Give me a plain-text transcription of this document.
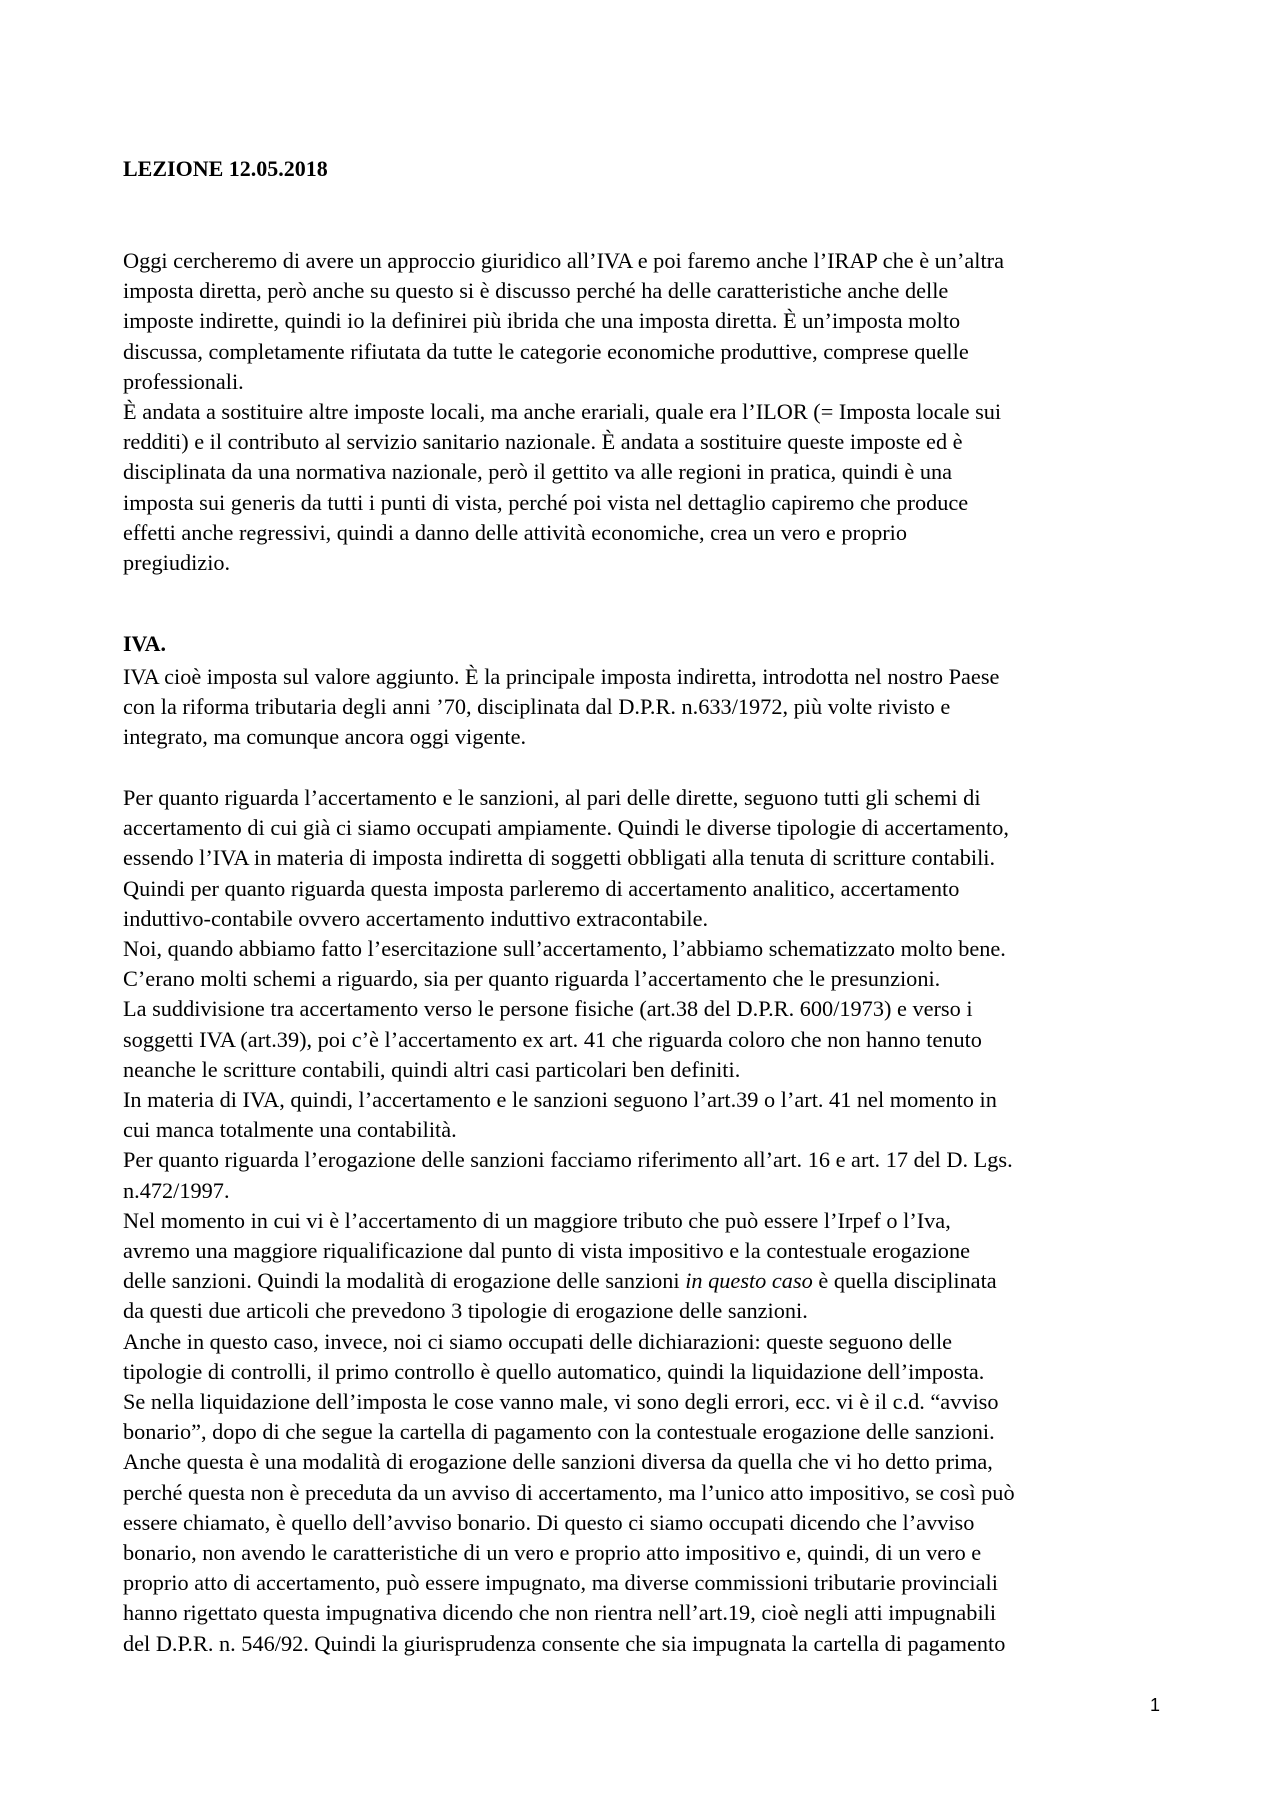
LEZIONE 12.05.2018
Oggi cercheremo di avere un approccio giuridico all’IVA e poi faremo anche l’IRAP che è un’altra
imposta diretta, però anche su questo si è discusso perché ha delle caratteristiche anche delle
imposte indirette, quindi io la definirei più ibrida che una imposta diretta. È un’imposta molto
discussa, completamente rifiutata da tutte le categorie economiche produttive, comprese quelle
professionali.
È andata a sostituire altre imposte locali, ma anche erariali, quale era l’ILOR (= Imposta locale sui
redditi) e il contributo al servizio sanitario nazionale. È andata a sostituire queste imposte ed è
disciplinata da una normativa nazionale, però il gettito va alle regioni in pratica, quindi è una
imposta sui generis da tutti i punti di vista, perché poi vista nel dettaglio capiremo che produce
effetti anche regressivi, quindi a danno delle attività economiche, crea un vero e proprio
pregiudizio.
IVA.
IVA cioè imposta sul valore aggiunto. È la principale imposta indiretta, introdotta nel nostro Paese
con la riforma tributaria degli anni ’70, disciplinata dal D.P.R. n.633/1972, più volte rivisto e
integrato, ma comunque ancora oggi vigente.
Per quanto riguarda l’accertamento e le sanzioni, al pari delle dirette, seguono tutti gli schemi di
accertamento di cui già ci siamo occupati ampiamente. Quindi le diverse tipologie di accertamento,
essendo l’IVA in materia di imposta indiretta di soggetti obbligati alla tenuta di scritture contabili.
Quindi per quanto riguarda questa imposta parleremo di accertamento analitico, accertamento
induttivo-contabile ovvero accertamento induttivo extracontabile.
Noi, quando abbiamo fatto l’esercitazione sull’accertamento, l’abbiamo schematizzato molto bene.
C’erano molti schemi a riguardo, sia per quanto riguarda l’accertamento che le presunzioni.
La suddivisione tra accertamento verso le persone fisiche (art.38 del D.P.R. 600/1973) e verso i
soggetti IVA (art.39), poi c’è l’accertamento ex art. 41 che riguarda coloro che non hanno tenuto
neanche le scritture contabili, quindi altri casi particolari ben definiti.
In materia di IVA, quindi, l’accertamento e le sanzioni seguono l’art.39 o l’art. 41 nel momento in
cui manca totalmente una contabilità.
Per quanto riguarda l’erogazione delle sanzioni facciamo riferimento all’art. 16 e art. 17 del D. Lgs.
n.472/1997.
Nel momento in cui vi è l’accertamento di un maggiore tributo che può essere l’Irpef o l’Iva,
avremo una maggiore riqualificazione dal punto di vista impositivo e la contestuale erogazione
delle sanzioni. Quindi la modalità di erogazione delle sanzioni in questo caso è quella disciplinata
da questi due articoli che prevedono 3 tipologie di erogazione delle sanzioni.
Anche in questo caso, invece, noi ci siamo occupati delle dichiarazioni: queste seguono delle
tipologie di controlli, il primo controllo è quello automatico, quindi la liquidazione dell’imposta.
Se nella liquidazione dell’imposta le cose vanno male, vi sono degli errori, ecc. vi è il c.d. “avviso
bonario”, dopo di che segue la cartella di pagamento con la contestuale erogazione delle sanzioni.
Anche questa è una modalità di erogazione delle sanzioni diversa da quella che vi ho detto prima,
perché questa non è preceduta da un avviso di accertamento, ma l’unico atto impositivo, se così può
essere chiamato, è quello dell’avviso bonario. Di questo ci siamo occupati dicendo che l’avviso
bonario, non avendo le caratteristiche di un vero e proprio atto impositivo e, quindi, di un vero e
proprio atto di accertamento, può essere impugnato, ma diverse commissioni tributarie provinciali
hanno rigettato questa impugnativa dicendo che non rientra nell’art.19, cioè negli atti impugnabili
del D.P.R. n. 546/92. Quindi la giurisprudenza consente che sia impugnata la cartella di pagamento
1
